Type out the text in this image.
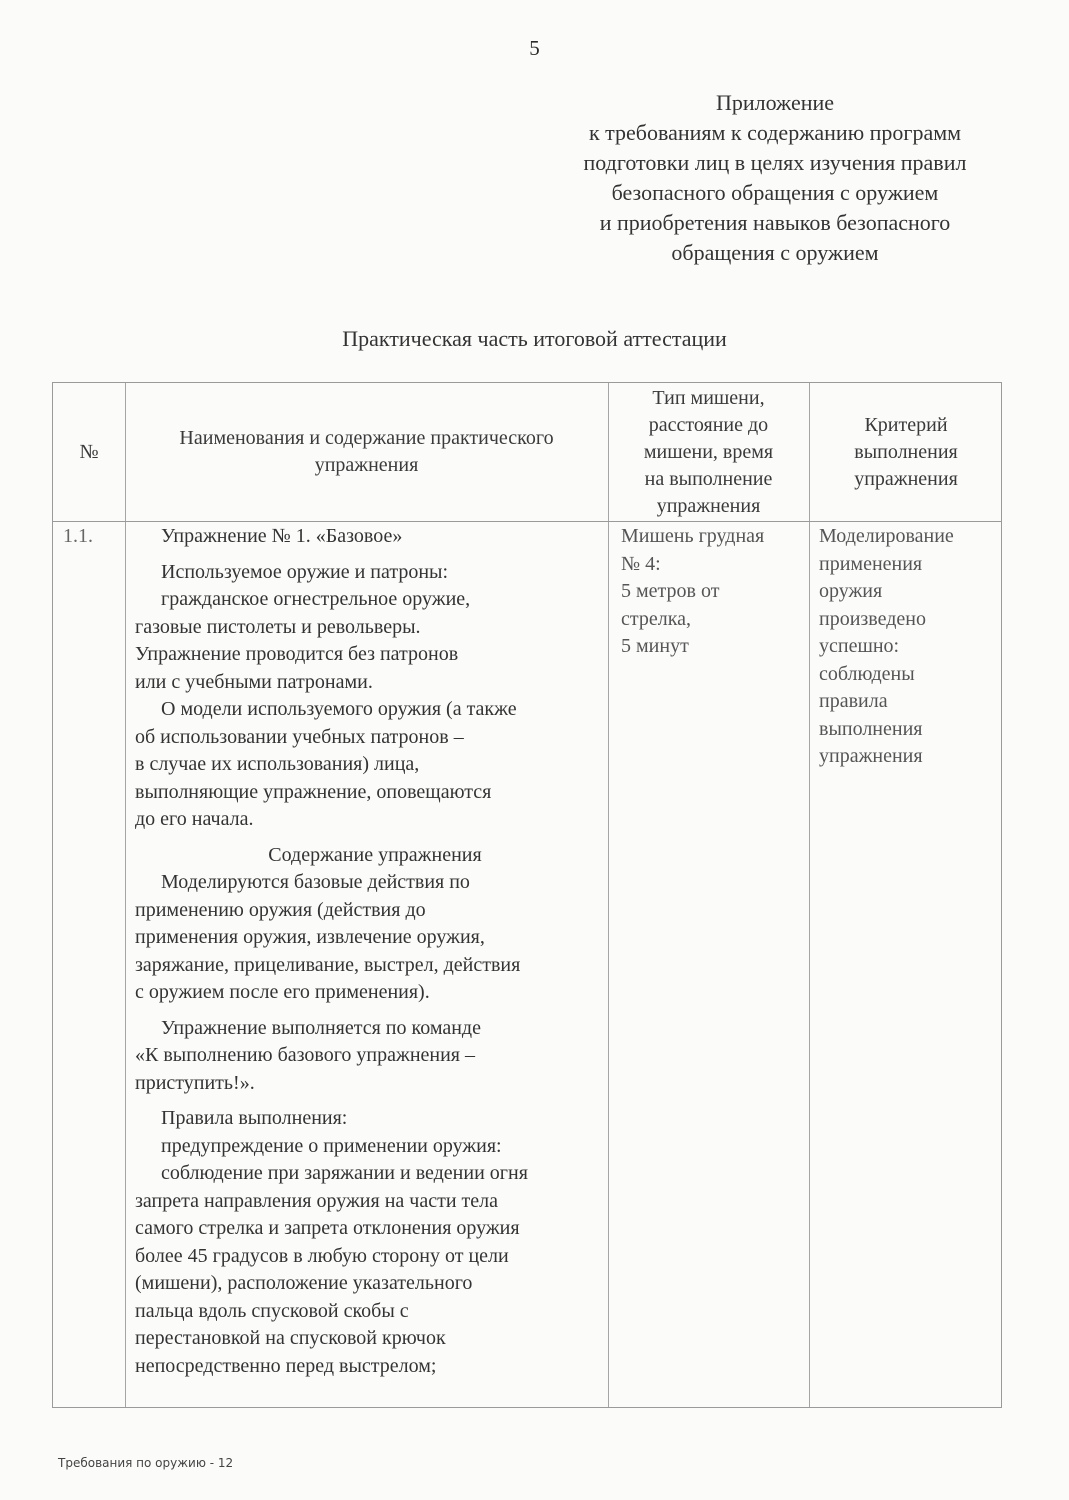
5
Приложение
к требованиям к содержанию программ
подготовки лиц в целях изучения правил
безопасного обращения с оружием
и приобретения навыков безопасного
обращения с оружием
Практическая часть итоговой аттестации
№
Наименования и содержание практического упражнения
Тип мишени,
расстояние до
мишени, время
на выполнение
упражнения
Критерий
выполнения
упражнения
1.1.	Упражнение № 1. «Базовое»

Используемое оружие и патроны:

гражданское огнестрельное оружие,

газовые пистолеты и револьверы.

Упражнение проводится без патронов

или с учебными патронами.

О модели используемого оружия (а также

об использовании учебных патронов –

в случае их использования) лица,

выполняющие упражнение, оповещаются

до его начала.

Содержание упражнения

Моделируются базовые действия по

применению оружия (действия до

применения оружия, извлечение оружия,

заряжание, прицеливание, выстрел, действия

с оружием после его применения).

Упражнение выполняется по команде

«К выполнению базового упражнения –

приступить!».

Правила выполнения:

предупреждение о применении оружия:

соблюдение при заряжании и ведении огня

запрета направления оружия на части тела

самого стрелка и запрета отклонения оружия

более 45 градусов в любую сторону от цели

(мишени), расположение указательного

пальца вдоль спусковой скобы с

перестановкой на спусковой крючок

непосредственно перед выстрелом;

Мишень грудная
№ 4:
5 метров от
стрелка,
5 минут
Моделирование
применения
оружия
произведено
успешно:
соблюдены
правила
выполнения
упражнения
Требования по оружию - 12
